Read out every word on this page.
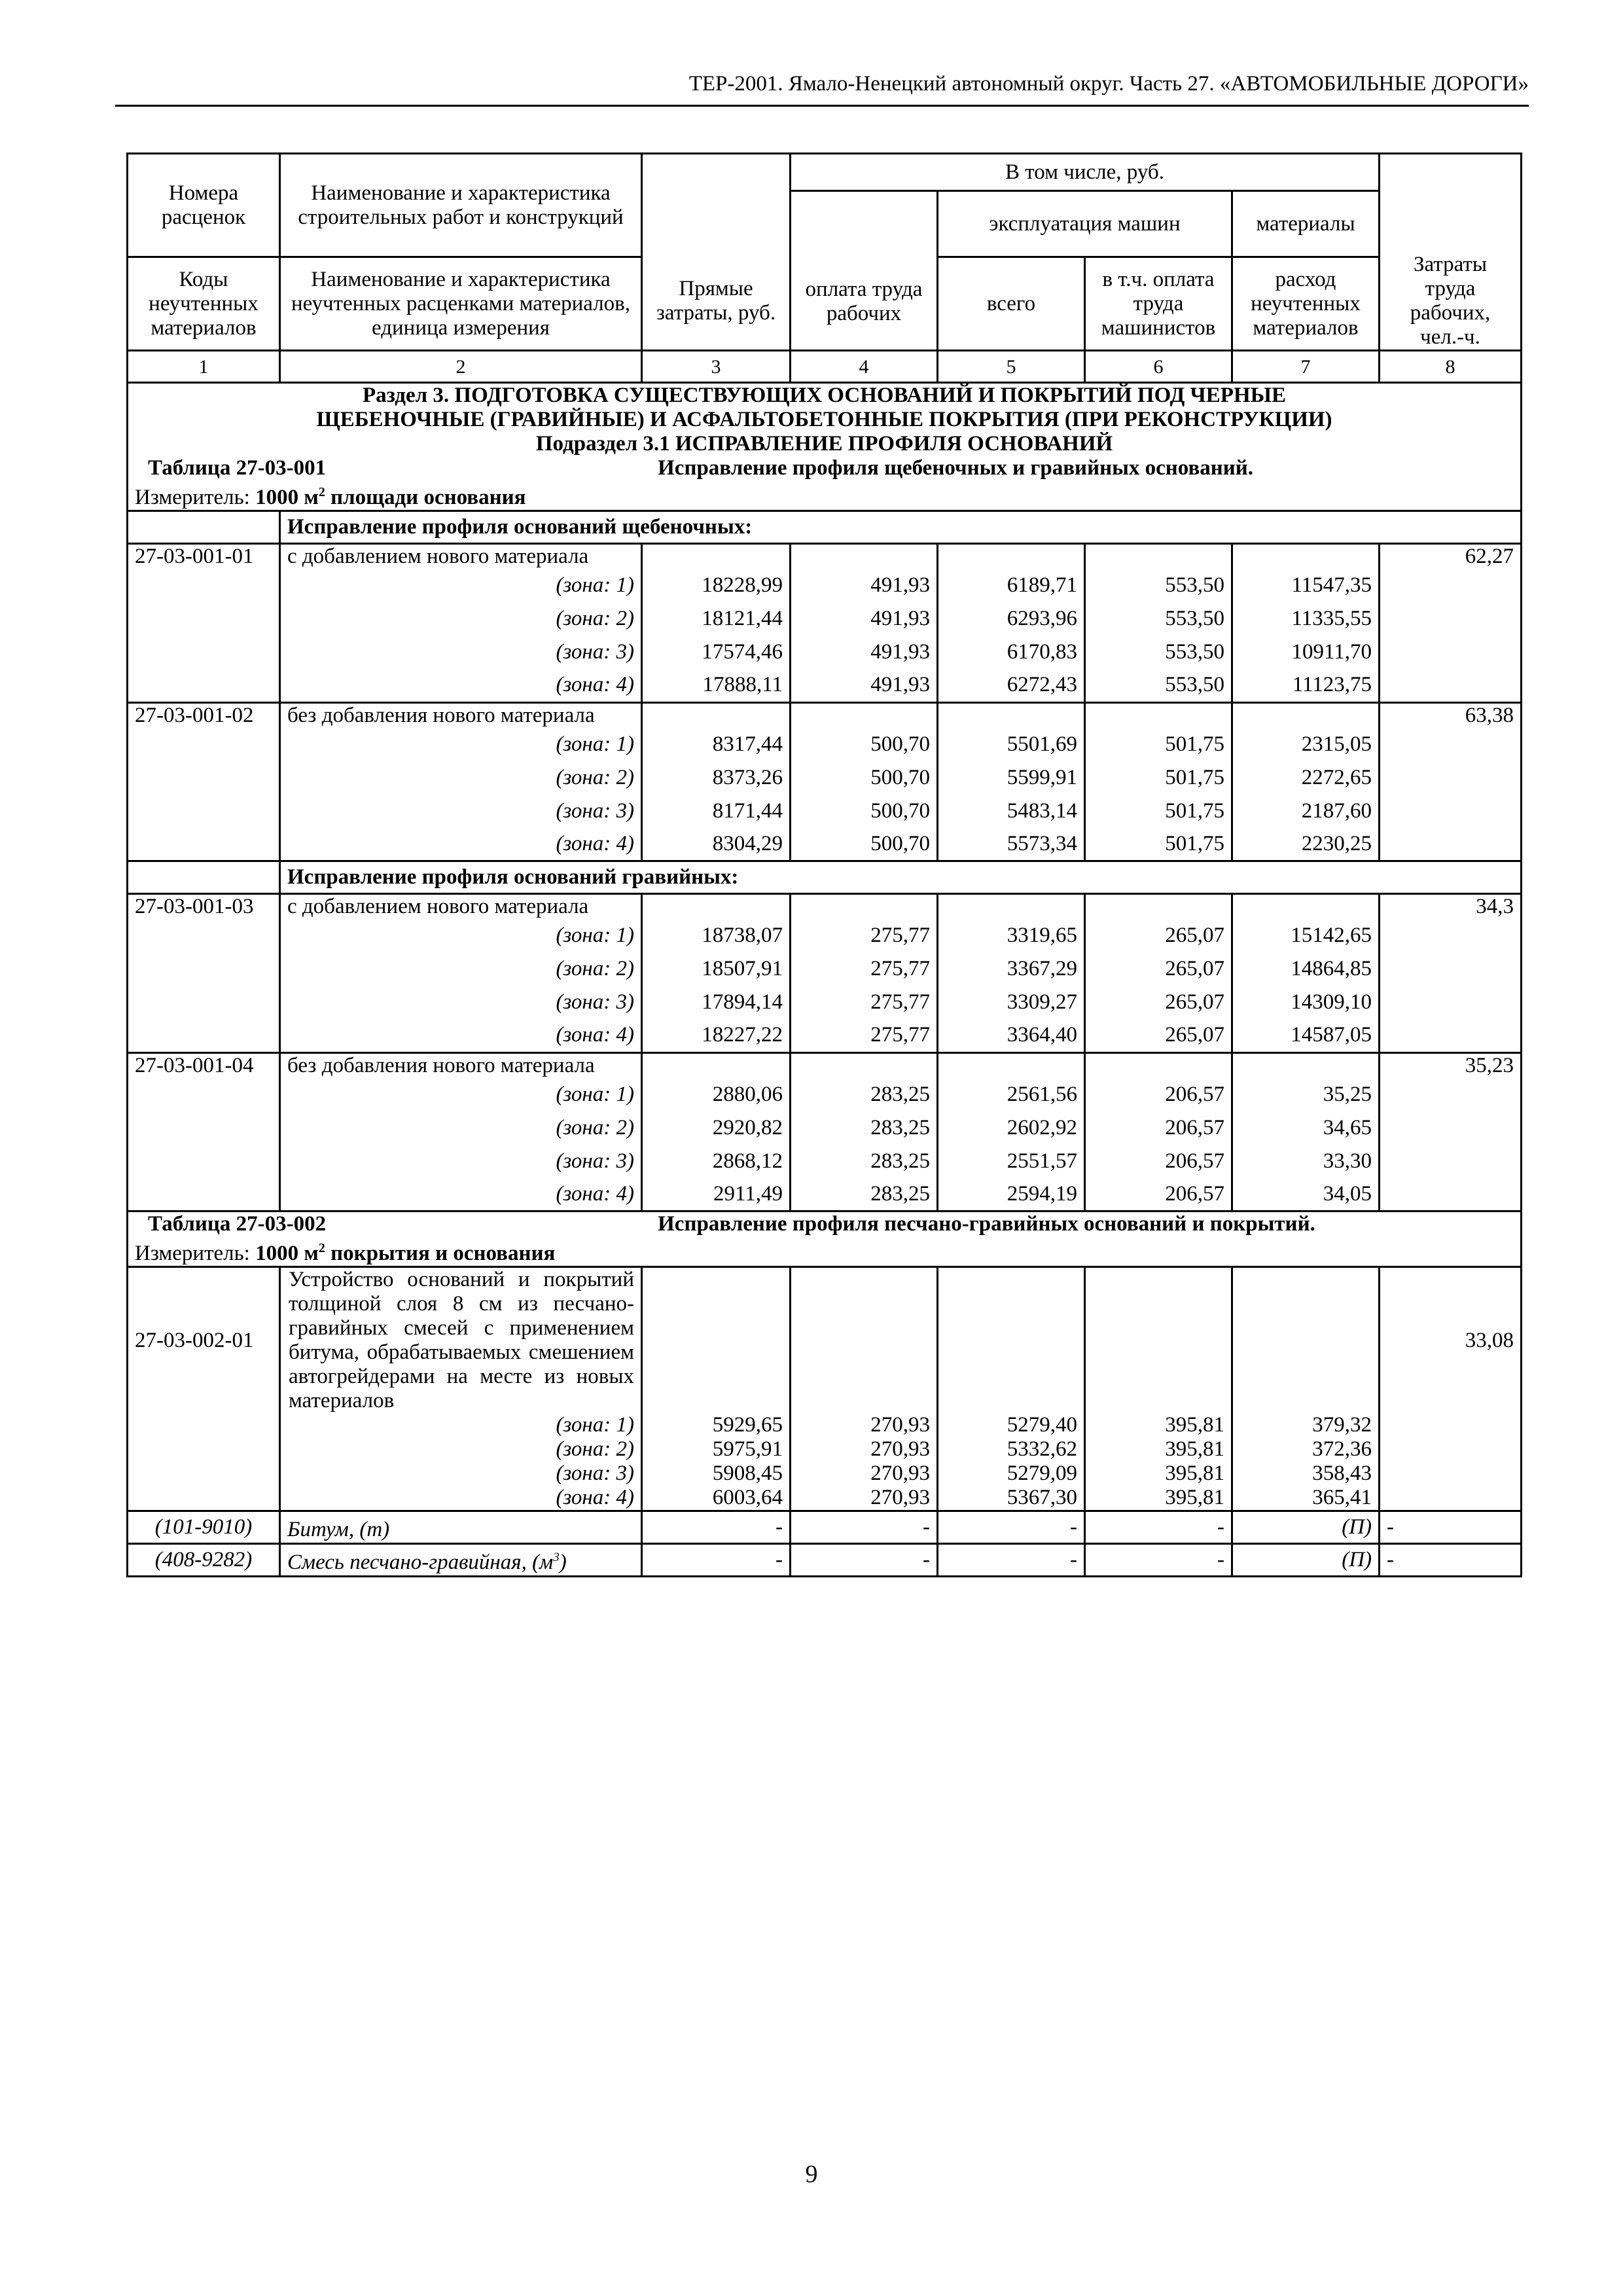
ТЕР-2001. Ямало-Ненецкий автономный округ. Часть 27. «АВТОМОБИЛЬНЫЕ ДОРОГИ»
Номера расценок	Наименование и характеристика строительных работ и конструкций	Прямые затраты, руб.	В том числе, руб.				Затраты труда рабочих, чел.-ч.
			оплата труда рабочих	эксплуатация машин		материалы	

Коды неучтенных материалов	Наименование и характеристика неучтенных расценками материалов, единица измерения			всего	в т.ч. оплата труда машинистов	расход неучтенных материалов	

1	2	3	4	5	6	7	8
Раздел 3. ПОДГОТОВКА СУЩЕСТВУЮЩИХ ОСНОВАНИЙ И ПОКРЫТИЙ ПОД ЧЕРНЫЕ ЩЕБЕНОЧНЫЕ (ГРАВИЙНЫЕ) И АСФАЛЬТОБЕТОННЫЕ ПОКРЫТИЯ (ПРИ РЕКОНСТРУКЦИИ)							
Подраздел 3.1 ИСПРАВЛЕНИЕ ПРОФИЛЯ ОСНОВАНИЙ							

Таблица 27-03-001 Исправление профиля щебеночных и гравийных оснований.							

Измеритель: 1000 $м^2$ площади основания							
	Исправление профиля оснований щебеночных:						
27-03-001-01	с добавлением нового материала						62,27
	(зона: 1)	18228,99	491,93	6189,71	553,50	11547,35	
	(зона: 2)	18121,44	491,93	6293,96	553,50	11335,55	
	(зона: 3)	17574,46	491,93	6170,83	553,50	10911,70	
	(зона: 4)	17888,11	491,93	6272,43	553,50	11123,75	
27-03-001-02	без добавления нового материала						63,38
	(зона: 1)	8317,44	500,70	5501,69	501,75	2315,05	
	(зона: 2)	8373,26	500,70	5599,91	501,75	2272,65	
	(зона: 3)	8171,44	500,70	5483,14	501,75	2187,60	
	(зона: 4)	8304,29	500,70	5573,34	501,75	2230,25	
	Исправление профиля оснований гравийных:						
27-03-001-03	с добавлением нового материала						34,3
	(зона: 1)	18738,07	275,77	3319,65	265,07	15142,65	
	(зона: 2)	18507,91	275,77	3367,29	265,07	14864,85	
	(зона: 3)	17894,14	275,77	3309,27	265,07	14309,10	
	(зона: 4)	18227,22	275,77	3364,40	265,07	14587,05	
27-03-001-04	без добавления нового материала						35,23
	(зона: 1)	2880,06	283,25	2561,56	206,57	35,25	
	(зона: 2)	2920,82	283,25	2602,92	206,57	34,65	
	(зона: 3)	2868,12	283,25	2551,57	206,57	33,30	
	(зона: 4)	2911,49	283,25	2594,19	206,57	34,05	

Таблица 27-03-002 Исправление профиля песчано-гравийных оснований и покрытий.							

Измеритель: 1000 $м^2$ покрытия и основания							
27-03-002-01	Устройство оснований и покрытий толщиной слоя 8 см из песчано-гравийных смесей с применением битума, обрабатываемых смешением автогрейдерами на месте из новых материалов						33,08
	(зона: 1)	5929,65	270,93	5279,40	395,81	379,32	
	(зона: 2)	5975,91	270,93	5332,62	395,81	372,36	
	(зона: 3)	5908,45	270,93	5279,09	395,81	358,43	
	(зона: 4)	6003,64	270,93	5367,30	395,81	365,41	
(101-9010)	Битум, (т)	-	-	-	-	(П)	-
(408-9282)	Смесь песчано-гравийная, $(м^3)$	-	-	-	-	(П)	-
9
